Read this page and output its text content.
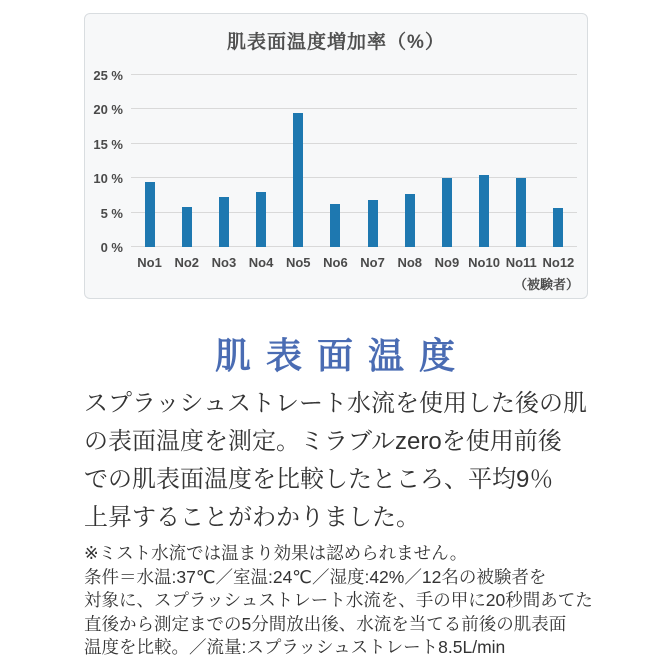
肌表面温度増加率（%）
0 %
5 %
10 %
15 %
20 %
25 %
No1 No2 No3 No4 No5 No6 No7 No8 No9 No10 No11 No12
（被験者）
肌表面温度
スプラッシュストレート水流を使用した後の肌
の表面温度を測定。ミラブルzeroを使用前後
での肌表面温度を比較したところ、平均9％
上昇することがわかりました。
※ミスト水流では温まり効果は認められません。
条件＝水温:37℃／室温:24℃／湿度:42%／12名の被験者を
対象に、スプラッシュストレート水流を、手の甲に20秒間あてた
直後から測定までの5分間放出後、水流を当てる前後の肌表面
温度を比較。／流量:スプラッシュストレート8.5L/min
